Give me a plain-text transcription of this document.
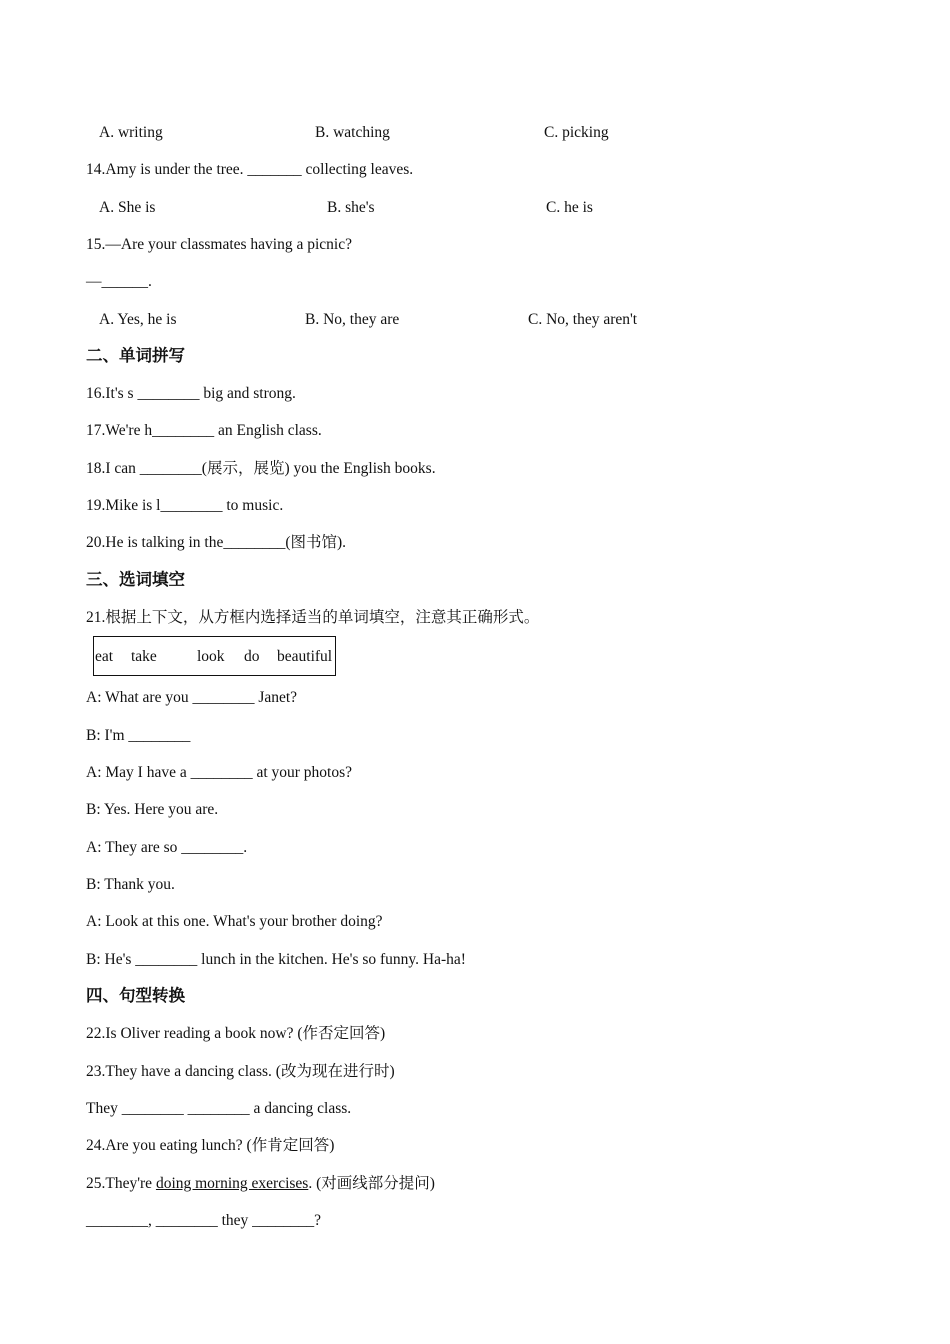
A. writing	B. watching	C. picking
14.Amy is under the tree. _______ collecting leaves.
A. She is	B. she's	C. he is
15.—Are your classmates having a picnic?
—______.
A. Yes, he is	B. No, they are	C. No, they aren't
二、单词拼写
16.It's s ________ big and strong.
17.We're h________ an English class.
18.I can ________(展示，展览) you the English books.
19.Mike is l________ to music.
20.He is talking in the________(图书馆).
三、选词填空
21.根据上下文，从方框内选择适当的单词填空，注意其正确形式。
eat take	look do beautiful
A: What are you ________ Janet?
B: I'm ________
A: May I have a ________ at your photos?
B: Yes. Here you are.
A: They are so ________.
B: Thank you.
A: Look at this one. What's your brother doing?
B: He's ________ lunch in the kitchen. He's so funny. Ha-ha!
四、句型转换
22.Is Oliver reading a book now? (作否定回答)
23.They have a dancing class. (改为现在进行时)
They ________ ________ a dancing class.
24.Are you eating lunch? (作肯定回答)
25.They're doing morning exercises. (对画线部分提问)
________, ________ they ________?
